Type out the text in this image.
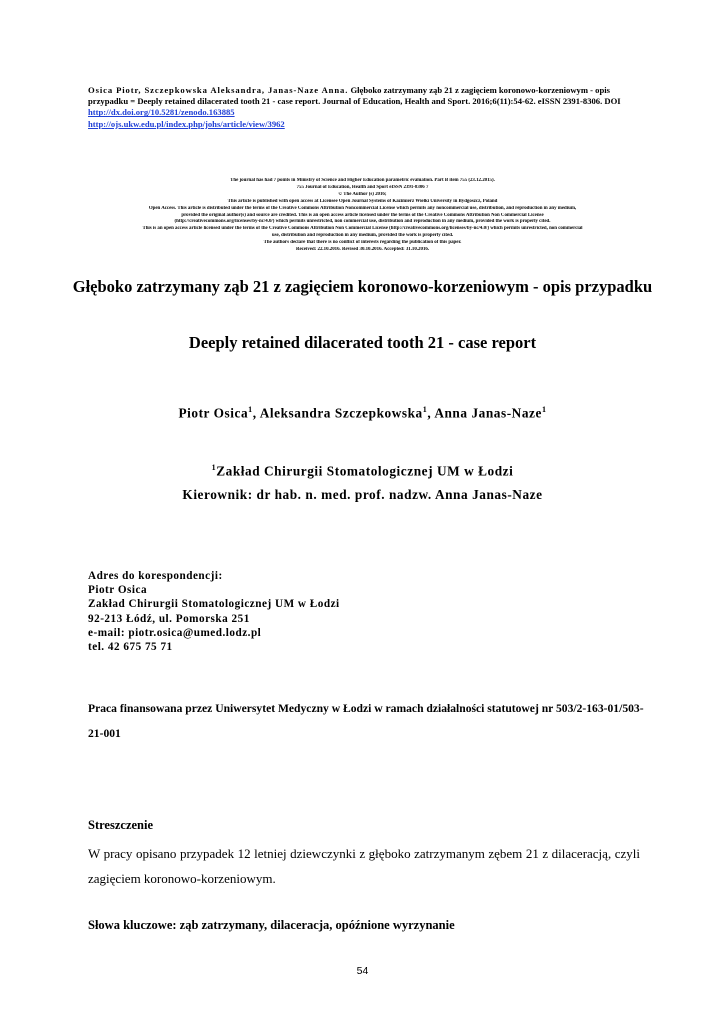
Osica Piotr, Szczepkowska Aleksandra, Janas-Naze Anna. Głęboko zatrzymany ząb 21 z zagięciem koronowo-korzeniowym - opis przypadku = Deeply retained dilacerated tooth 21 - case report. Journal of Education, Health and Sport. 2016;6(11):54-62. eISSN 2391-8306. DOI http://dx.doi.org/10.5281/zenodo.163885
http://ojs.ukw.edu.pl/index.php/johs/article/view/3962
The journal has had 7 points in Ministry of Science and Higher Education parametric evaluation. Part B item 755 (23.12.2015).
755 Journal of Education, Health and Sport eISSN 2391-8306 7
© The Author (s) 2016;
This article is published with open access at Licensee Open Journal Systems of Kazimierz Wielki University in Bydgoszcz, Poland
Open Access. This article is distributed under the terms of the Creative Commons Attribution Noncommercial License which permits any noncommercial use, distribution, and reproduction in any medium,
provided the original author(s) and source are credited. This is an open access article licensed under the terms of the Creative Commons Attribution Non Commercial License
(http://creativecommons.org/licenses/by-nc/4.0/) which permits unrestricted, non commercial use, distribution and reproduction in any medium, provided the work is properly cited.
This is an open access article licensed under the terms of the Creative Commons Attribution Non Commercial License (http://creativecommons.org/licenses/by-nc/4.0/) which permits unrestricted, non commercial
use, distribution and reproduction in any medium, provided the work is properly cited.
The authors declare that there is no conflict of interests regarding the publication of this paper.
Received: 22.10.2016. Revised 30.10.2016. Accepted: 31.10.2016.
Głęboko zatrzymany ząb 21 z zagięciem koronowo-korzeniowym - opis przypadku
Deeply retained dilacerated tooth 21 - case report
Piotr Osica$^1$, Aleksandra Szczepkowska$^1$, Anna Janas-Naze$^1$
$^1$Zakład Chirurgii Stomatologicznej UM w Łodzi
Kierownik: dr hab. n. med. prof. nadzw. Anna Janas-Naze
Adres do korespondencji:
Piotr Osica
Zakład Chirurgii Stomatologicznej UM w Łodzi
92-213 Łódź, ul. Pomorska 251
e-mail: piotr.osica@umed.lodz.pl
tel. 42 675 75 71
Praca finansowana przez Uniwersytet Medyczny w Łodzi w ramach działalności statutowej nr 503/2-163-01/503-21-001
Streszczenie
W pracy opisano przypadek 12 letniej dziewczynki z głęboko zatrzymanym zębem 21 z dilaceracją, czyli zagięciem koronowo-korzeniowym.
Słowa kluczowe: ząb zatrzymany, dilaceracja, opóźnione wyrzynanie
54
